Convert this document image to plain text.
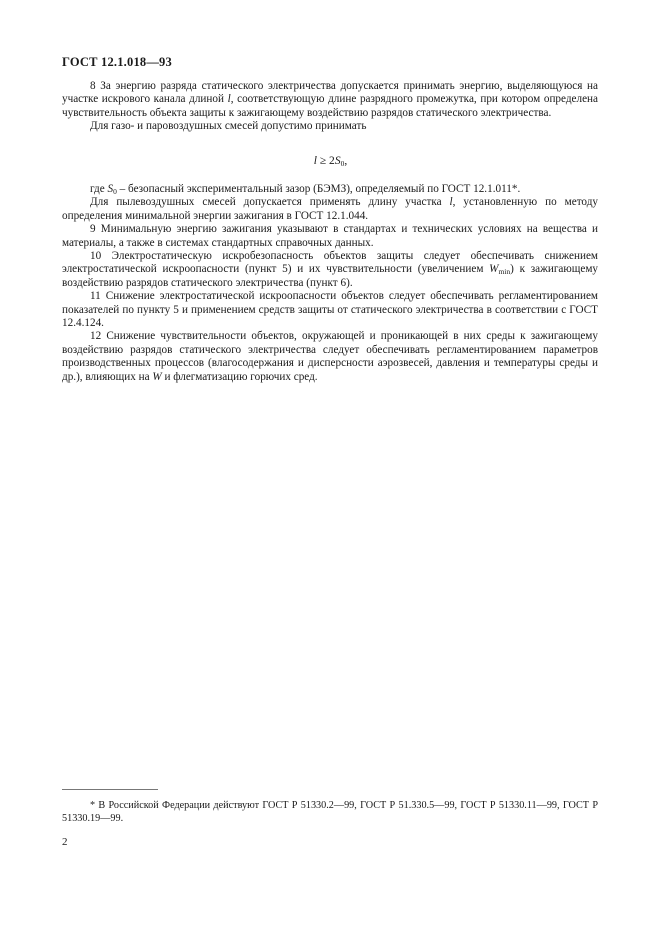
ГОСТ 12.1.018—93

8 За энергию разряда статического электричества допускается принимать энергию, выделяющуюся на участке искрового канала длиной l, соответствующую длине разрядного промежутка, при котором определена чувствительность объекта защиты к зажигающему воздействию разрядов статического электричества.

Для газо- и паровоздушных смесей допустимо принимать

$l \ge 2S_0$,

где $S_0$ – безопасный экспериментальный зазор (БЭМЗ), определяемый по ГОСТ 12.1.011*.

Для пылевоздушных смесей допускается применять длину участка l, установленную по методу определения минимальной энергии зажигания в ГОСТ 12.1.044.

9 Минимальную энергию зажигания указывают в стандартах и технических условиях на вещества и материалы, а также в системах стандартных справочных данных.

10 Электростатическую искробезопасность объектов защиты следует обеспечивать снижением электростатической искроопасности (пункт 5) и их чувствительности (увеличением $W_{min}$) к зажигающему воздействию разрядов статического электричества (пункт 6).

11 Снижение электростатической искроопасности объектов следует обеспечивать регламентированием показателей по пункту 5 и применением средств защиты от статического электричества в соответствии с ГОСТ 12.4.124.

12 Снижение чувствительности объектов, окружающей и проникающей в них среды к зажигающему воздействию разрядов статического электричества следует обеспечивать регламентированием параметров производственных процессов (влагосодержания и дисперсности аэрозвесей, давления и температуры среды и др.), влияющих на W и флегматизацию горючих сред.

* В Российской Федерации действуют ГОСТ Р 51330.2—99, ГОСТ Р 51.330.5—99, ГОСТ Р 51330.11—99, ГОСТ Р 51330.19—99.

2
